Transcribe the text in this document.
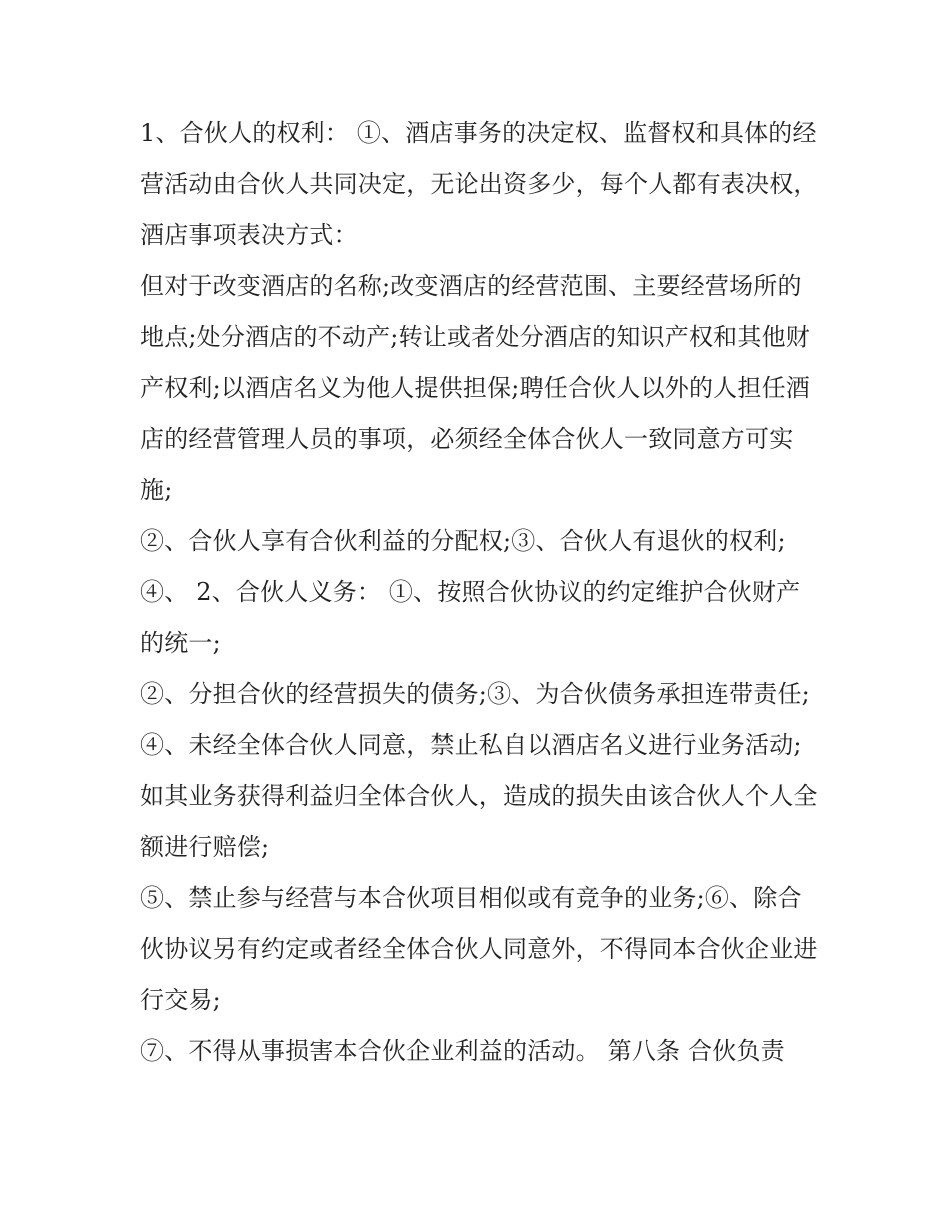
1、合伙人的权利： ①、酒店事务的决定权、监督权和具体的经营活动由合伙人共同决定，无论出资多少，每个人都有表决权，酒店事项表决方式：

但对于改变酒店的名称;改变酒店的经营范围、主要经营场所的地点;处分酒店的不动产;转让或者处分酒店的知识产权和其他财产权利;以酒店名义为他人提供担保;聘任合伙人以外的人担任酒店的经营管理人员的事项，必须经全体合伙人一致同意方可实施;

②、合伙人享有合伙利益的分配权;③、合伙人有退伙的权利;

④、 2、合伙人义务： ①、按照合伙协议的约定维护合伙财产的统一;

②、分担合伙的经营损失的债务;③、为合伙债务承担连带责任;

④、未经全体合伙人同意，禁止私自以酒店名义进行业务活动;如其业务获得利益归全体合伙人，造成的损失由该合伙人个人全额进行赔偿;

⑤、禁止参与经营与本合伙项目相似或有竞争的业务;⑥、除合伙协议另有约定或者经全体合伙人同意外，不得同本合伙企业进行交易;

⑦、不得从事损害本合伙企业利益的活动。 第八条 合伙负责
